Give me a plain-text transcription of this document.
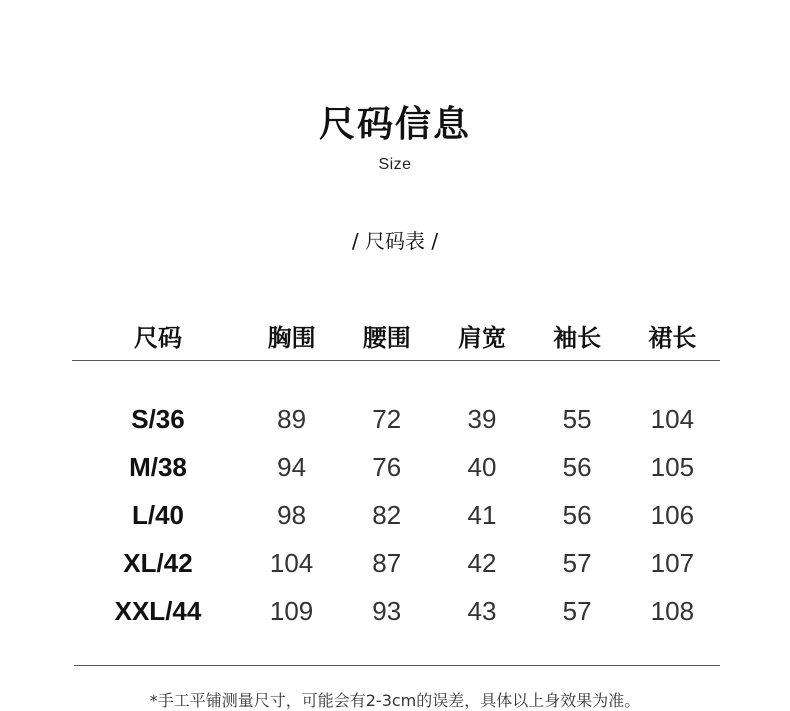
尺码信息
Size
/ 尺码表 /
尺码	胸围	腰围	肩宽	袖长	裙长
S/36	89	72	39	55	104
M/38	94	76	40	56	105
L/40	98	82	41	56	106
XL/42	104	87	42	57	107
XXL/44	109	93	43	57	108
*手工平铺测量尺寸，可能会有2-3cm的误差，具体以上身效果为准。
